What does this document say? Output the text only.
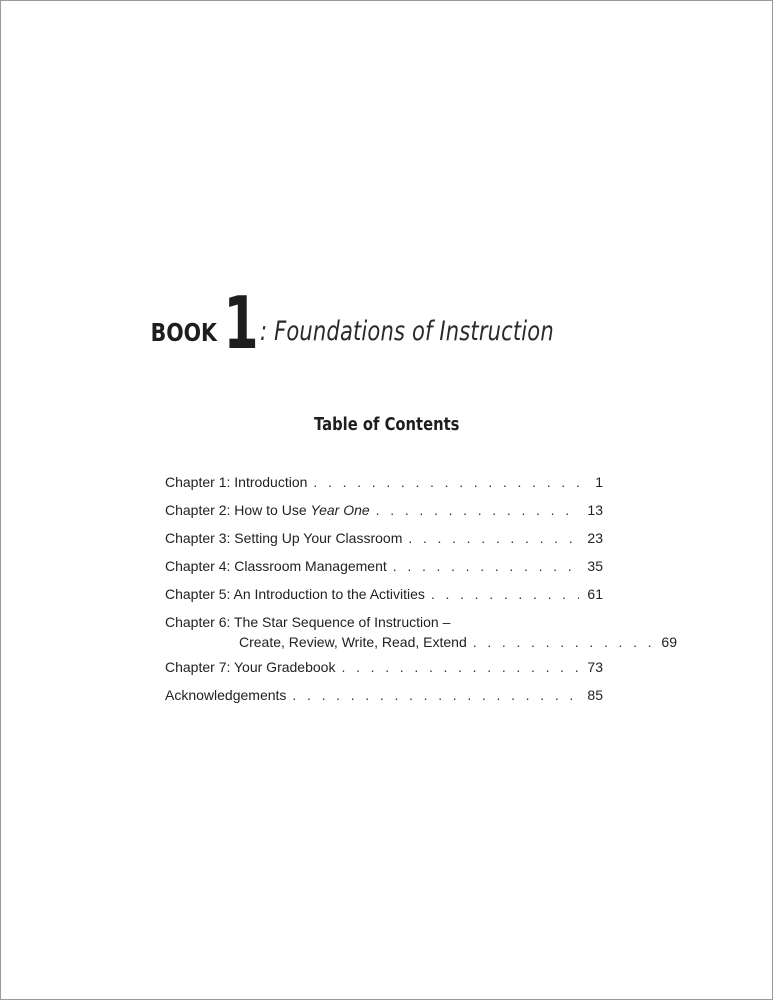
BOOK 1 : Foundations of Instruction
Table of Contents
Chapter 1: Introduction . . .	1
Chapter 2: How to Use Year One . . .	13
Chapter 3: Setting Up Your Classroom . . .	23
Chapter 4: Classroom Management . . .	35
Chapter 5: An Introduction to the Activities . . .	61
Chapter 6: The Star Sequence of Instruction –
Create, Review, Write, Read, Extend . . .	69
Chapter 7: Your Gradebook . . .	73
Acknowledgements . . .	85
